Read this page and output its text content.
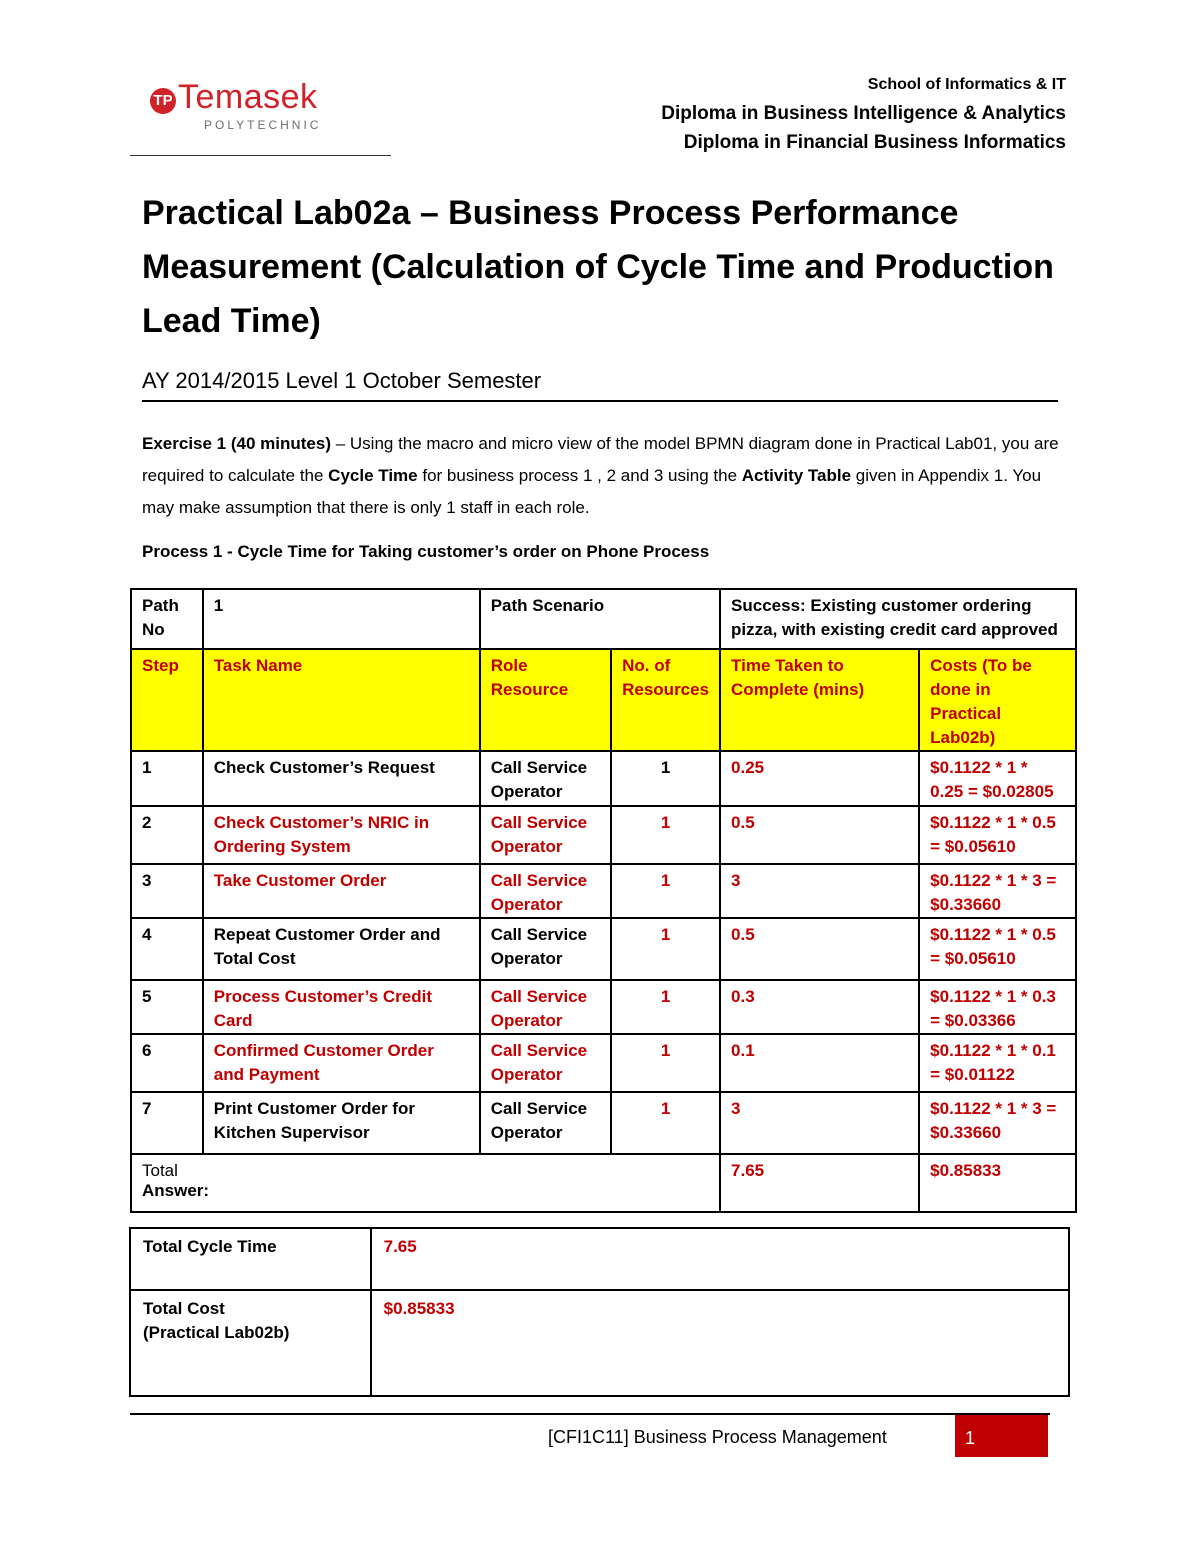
TP Temasek
POLYTECHNIC
School of Informatics & IT
Diploma in Business Intelligence & Analytics
Diploma in Financial Business Informatics
Practical Lab02a – Business Process Performance Measurement (Calculation of Cycle Time and Production Lead Time)
AY 2014/2015 Level 1 October Semester
Exercise 1 (40 minutes) – Using the macro and micro view of the model BPMN diagram done in Practical Lab01, you are required to calculate the Cycle Time for business process 1 , 2 and 3 using the Activity Table given in Appendix 1. You may make assumption that there is only 1 staff in each role.
Process 1 - Cycle Time for Taking customer’s order on Phone Process
Path No	1	Path Scenario		Success: Existing customer ordering pizza, with existing credit card approved	
Step	Task Name	Role Resource	No. of Resources	Time Taken to Complete (mins)	Costs (To be done in Practical Lab02b)
1	Check Customer’s Request	Call Service Operator	1	0.25	$0.1122 * 1 * 0.25 = $0.02805
2	Check Customer’s NRIC in Ordering System	Call Service Operator	1	0.5	$0.1122 * 1 * 0.5 = $0.05610
3	Take Customer Order	Call Service Operator	1	3	$0.1122 * 1 * 3 = $0.33660
4	Repeat Customer Order and Total Cost	Call Service Operator	1	0.5	$0.1122 * 1 * 0.5 = $0.05610
5	Process Customer’s Credit Card	Call Service Operator	1	0.3	$0.1122 * 1 * 0.3 = $0.03366
6	Confirmed Customer Order and Payment	Call Service Operator	1	0.1	$0.1122 * 1 * 0.1 = $0.01122
7	Print Customer Order for Kitchen Supervisor	Call Service Operator	1	3	$0.1122 * 1 * 3 = $0.33660
Total				7.65	$0.85833
Answer:
Total Cycle Time	7.65

Total Cost
(Practical Lab02b)	$0.85833
[CFI1C11] Business Process Management	1
